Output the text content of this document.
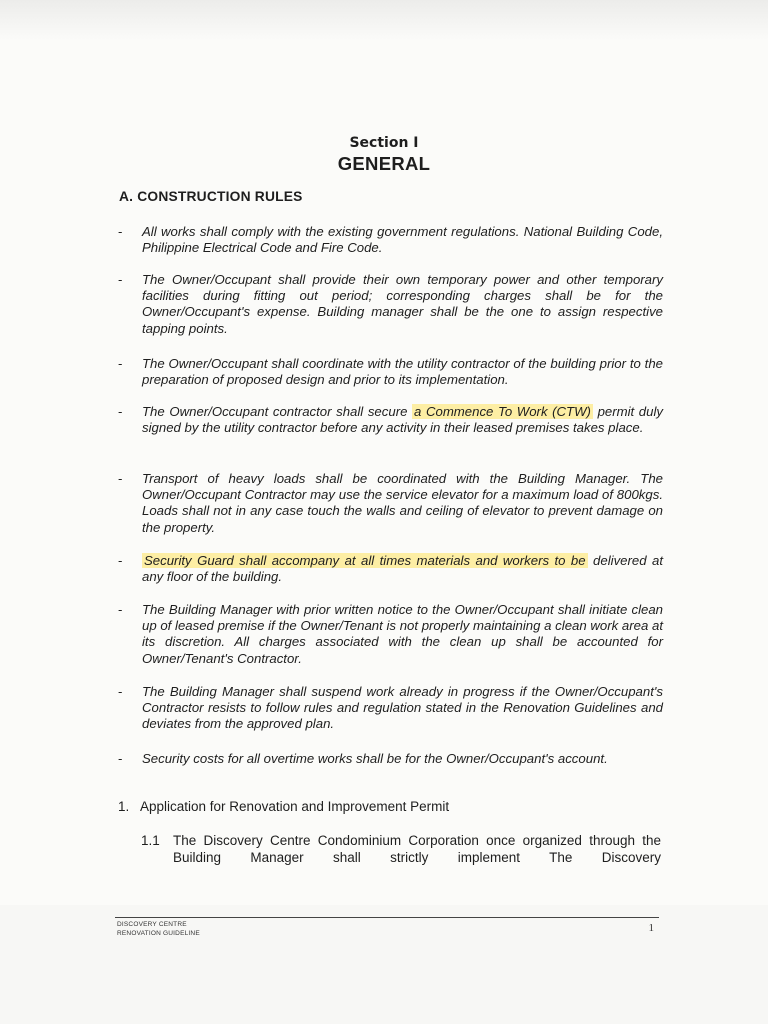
Section I
GENERAL
A. CONSTRUCTION RULES
- All works shall comply with the existing government regulations. National Building Code, Philippine Electrical Code and Fire Code.
- The Owner/Occupant shall provide their own temporary power and other temporary facilities during fitting out period; corresponding charges shall be for the Owner/Occupant's expense. Building manager shall be the one to assign respective tapping points.
- The Owner/Occupant shall coordinate with the utility contractor of the building prior to the preparation of proposed design and prior to its implementation.
- The Owner/Occupant contractor shall secure a Commence To Work (CTW) permit duly signed by the utility contractor before any activity in their leased premises takes place.
- Transport of heavy loads shall be coordinated with the Building Manager. The Owner/Occupant Contractor may use the service elevator for a maximum load of 800kgs. Loads shall not in any case touch the walls and ceiling of elevator to prevent damage on the property.
- Security Guard shall accompany at all times materials and workers to be delivered at any floor of the building.
- The Building Manager with prior written notice to the Owner/Occupant shall initiate clean up of leased premise if the Owner/Tenant is not properly maintaining a clean work area at its discretion. All charges associated with the clean up shall be accounted for Owner/Tenant's Contractor.
- The Building Manager shall suspend work already in progress if the Owner/Occupant's Contractor resists to follow rules and regulation stated in the Renovation Guidelines and deviates from the approved plan.
- Security costs for all overtime works shall be for the Owner/Occupant's account.
1. Application for Renovation and Improvement Permit
1.1 The Discovery Centre Condominium Corporation once organized through the Building Manager shall strictly implement The Discovery
DISCOVERY CENTRE
RENOVATION GUIDELINE	1
